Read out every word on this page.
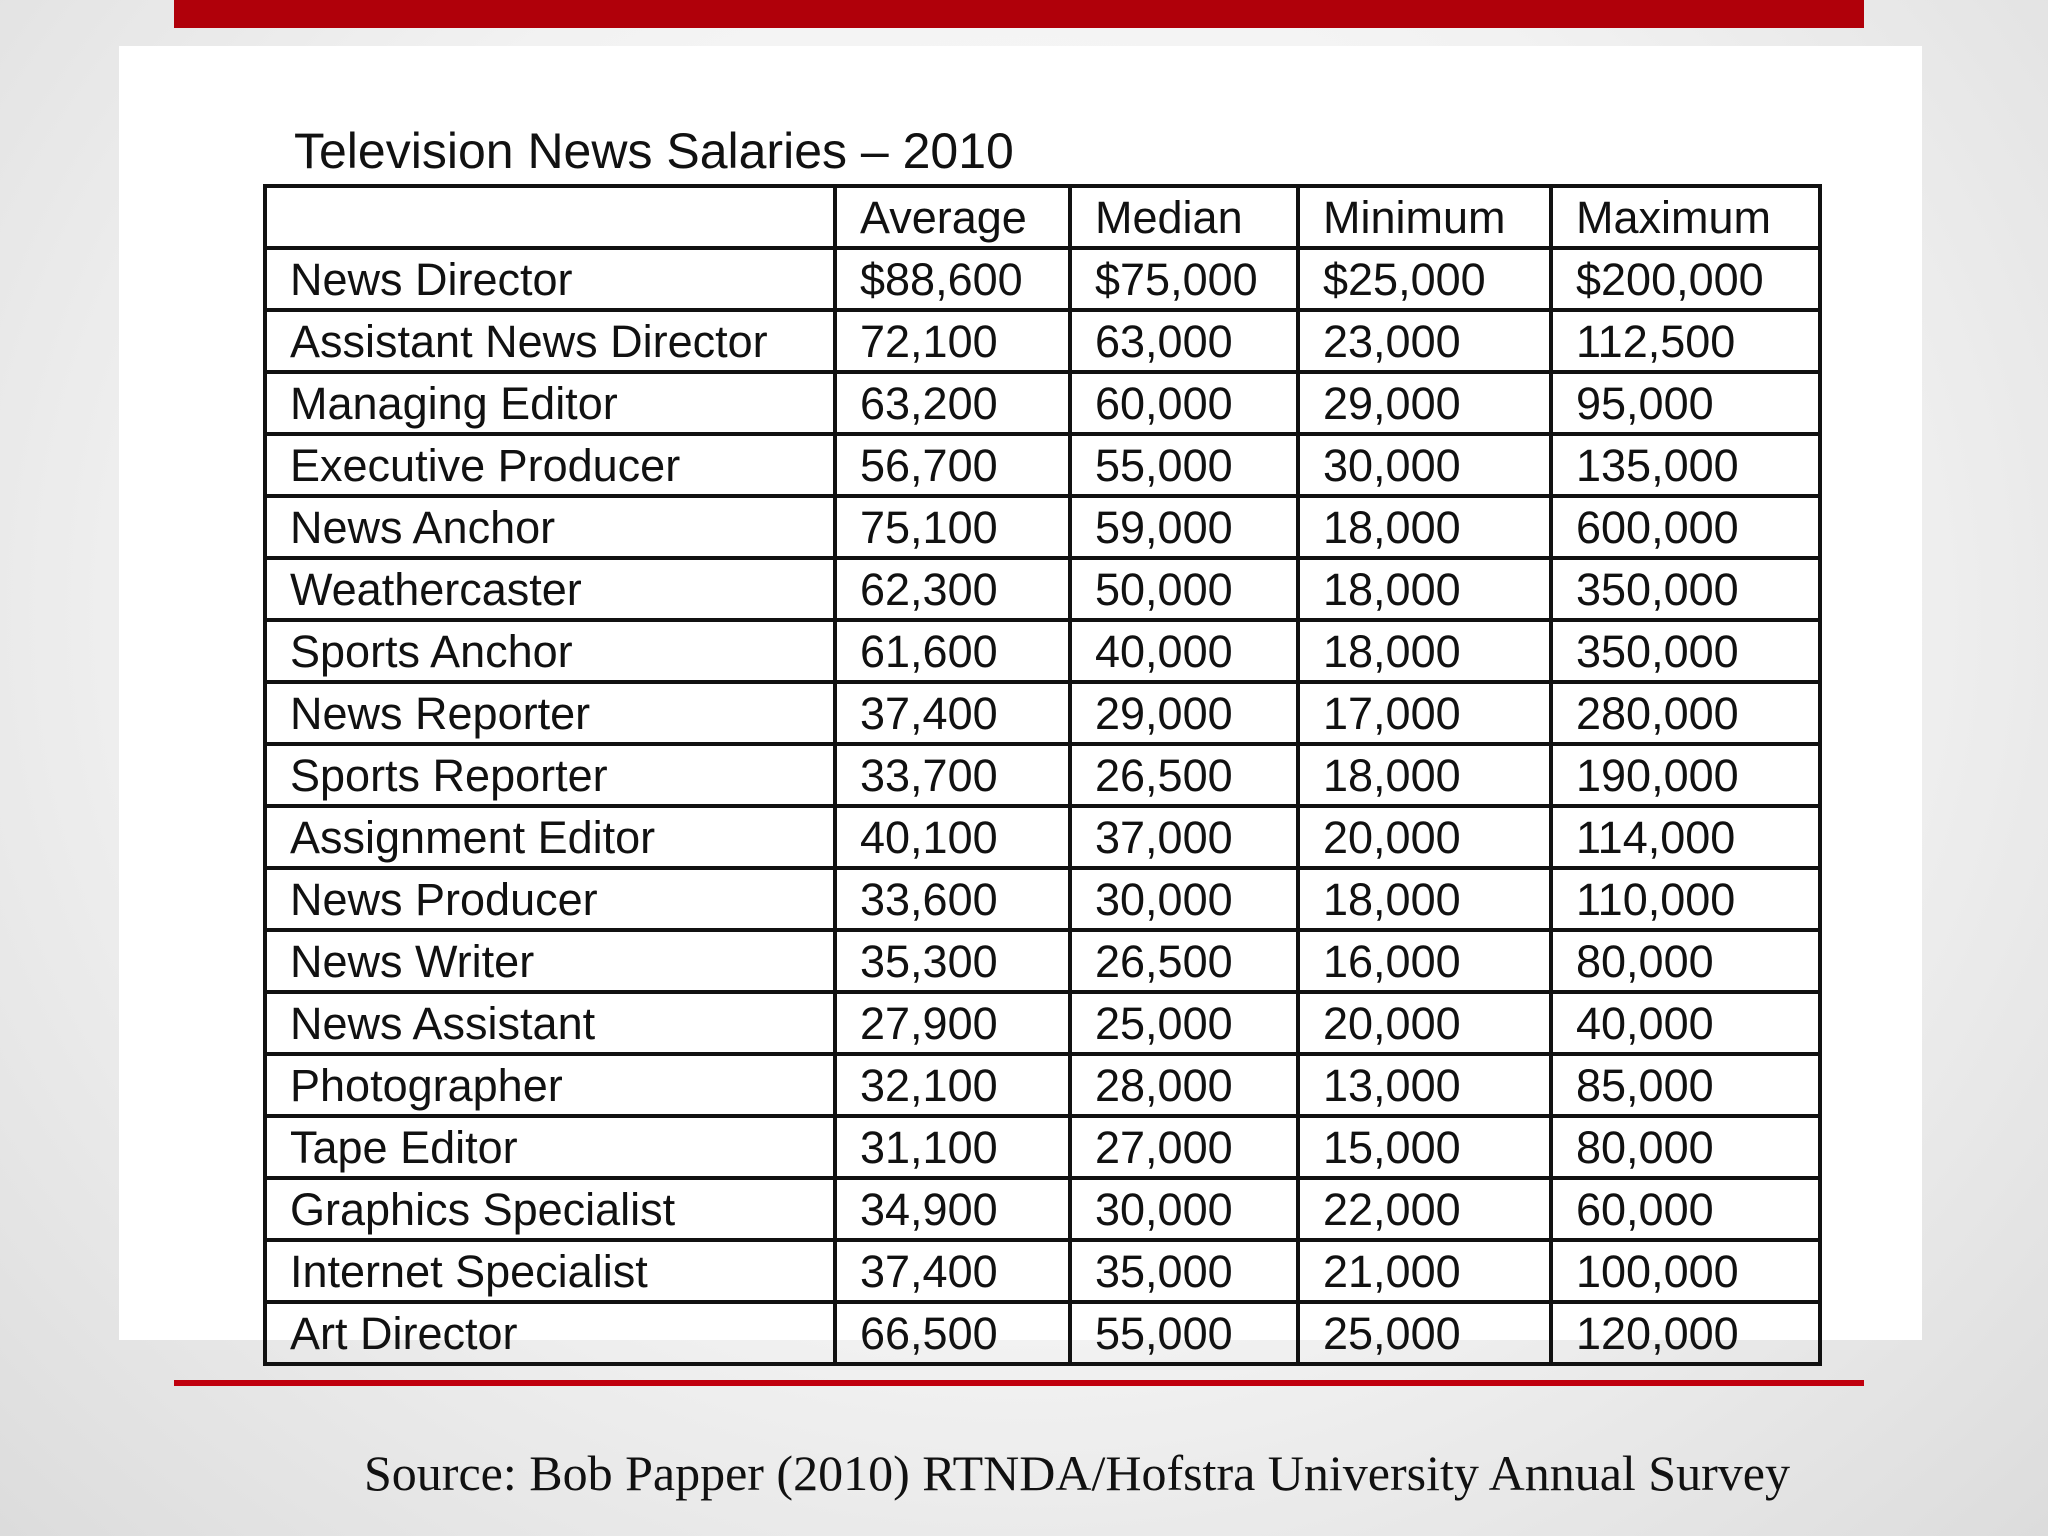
Television News Salaries – 2010
	Average	Median	Minimum	Maximum
News Director	$88,600	$75,000	$25,000	$200,000
Assistant News Director	72,100	63,000	23,000	112,500
Managing Editor	63,200	60,000	29,000	95,000
Executive Producer	56,700	55,000	30,000	135,000
News Anchor	75,100	59,000	18,000	600,000
Weathercaster	62,300	50,000	18,000	350,000
Sports Anchor	61,600	40,000	18,000	350,000
News Reporter	37,400	29,000	17,000	280,000
Sports Reporter	33,700	26,500	18,000	190,000
Assignment Editor	40,100	37,000	20,000	114,000
News Producer	33,600	30,000	18,000	110,000
News Writer	35,300	26,500	16,000	80,000
News Assistant	27,900	25,000	20,000	40,000
Photographer	32,100	28,000	13,000	85,000
Tape Editor	31,100	27,000	15,000	80,000
Graphics Specialist	34,900	30,000	22,000	60,000
Internet Specialist	37,400	35,000	21,000	100,000
Art Director	66,500	55,000	25,000	120,000
Source: Bob Papper (2010) RTNDA/Hofstra University Annual Survey
